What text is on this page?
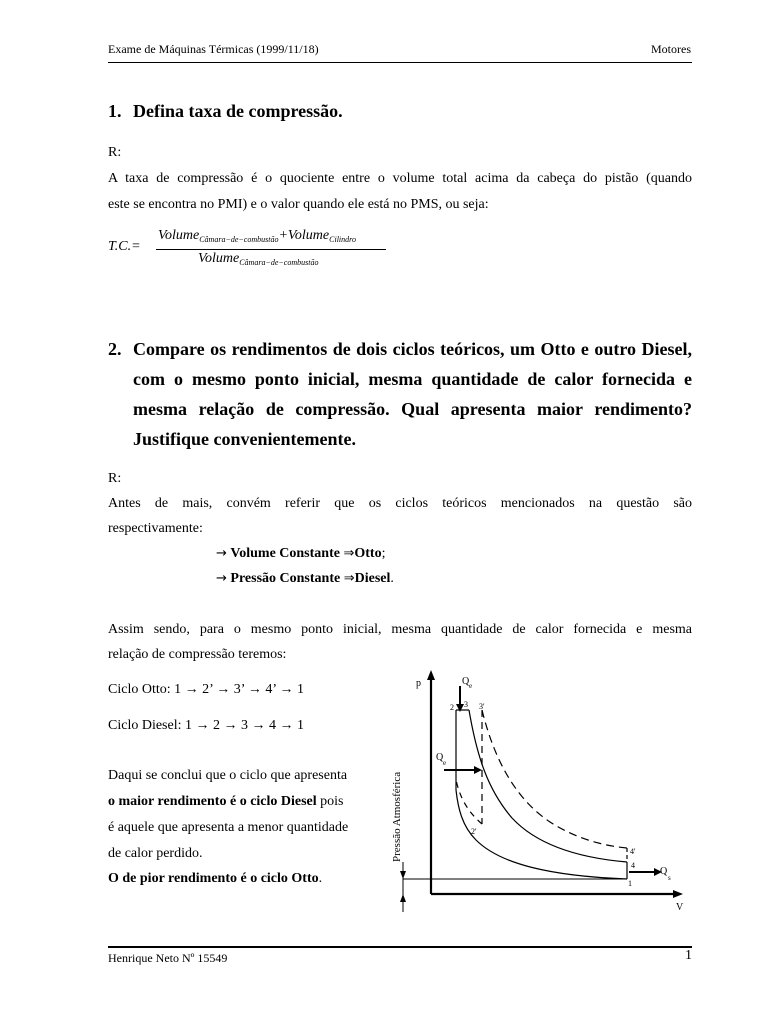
Exame de Máquinas Térmicas (1999/11/18)	Motores
1. Defina taxa de compressão.
R:
A taxa de compressão é o quociente entre o volume total acima da cabeça do pistão (quando
este se encontra no PMI) e o valor quando ele está no PMS, ou seja:
T.C.=
Volume$_{Câmara-de-combustão}$+Volume$_{Cilindro}$
Volume$_{Câmara-de-combustão}$
2. Compare os rendimentos de dois ciclos teóricos, um Otto e outro Diesel,
com o mesmo ponto inicial, mesma quantidade de calor fornecida e
mesma relação de compressão. Qual apresenta maior rendimento?
Justifique convenientemente.
R:
Antes de mais, convém referir que os ciclos teóricos mencionados na questão são
respectivamente:
→ Volume Constante ⇒Otto;
→ Pressão Constante ⇒Diesel.
Assim sendo, para o mesmo ponto inicial, mesma quantidade de calor fornecida e mesma
relação de compressão teremos:
Ciclo Otto: 1 → 2’ → 3’ → 4’ → 1
Ciclo Diesel: 1 → 2 → 3 → 4 → 1
Daqui se conclui que o ciclo que apresenta
o maior rendimento é o ciclo Diesel pois
é aquele que apresenta a menor quantidade
de calor perdido.
O de pior rendimento é o ciclo Otto.
p
V
Pressão Atmosférica
Q e
Q e
Q
s
2 3 3'
2'
4'
4
1
Henrique Neto Nº 15549	1
